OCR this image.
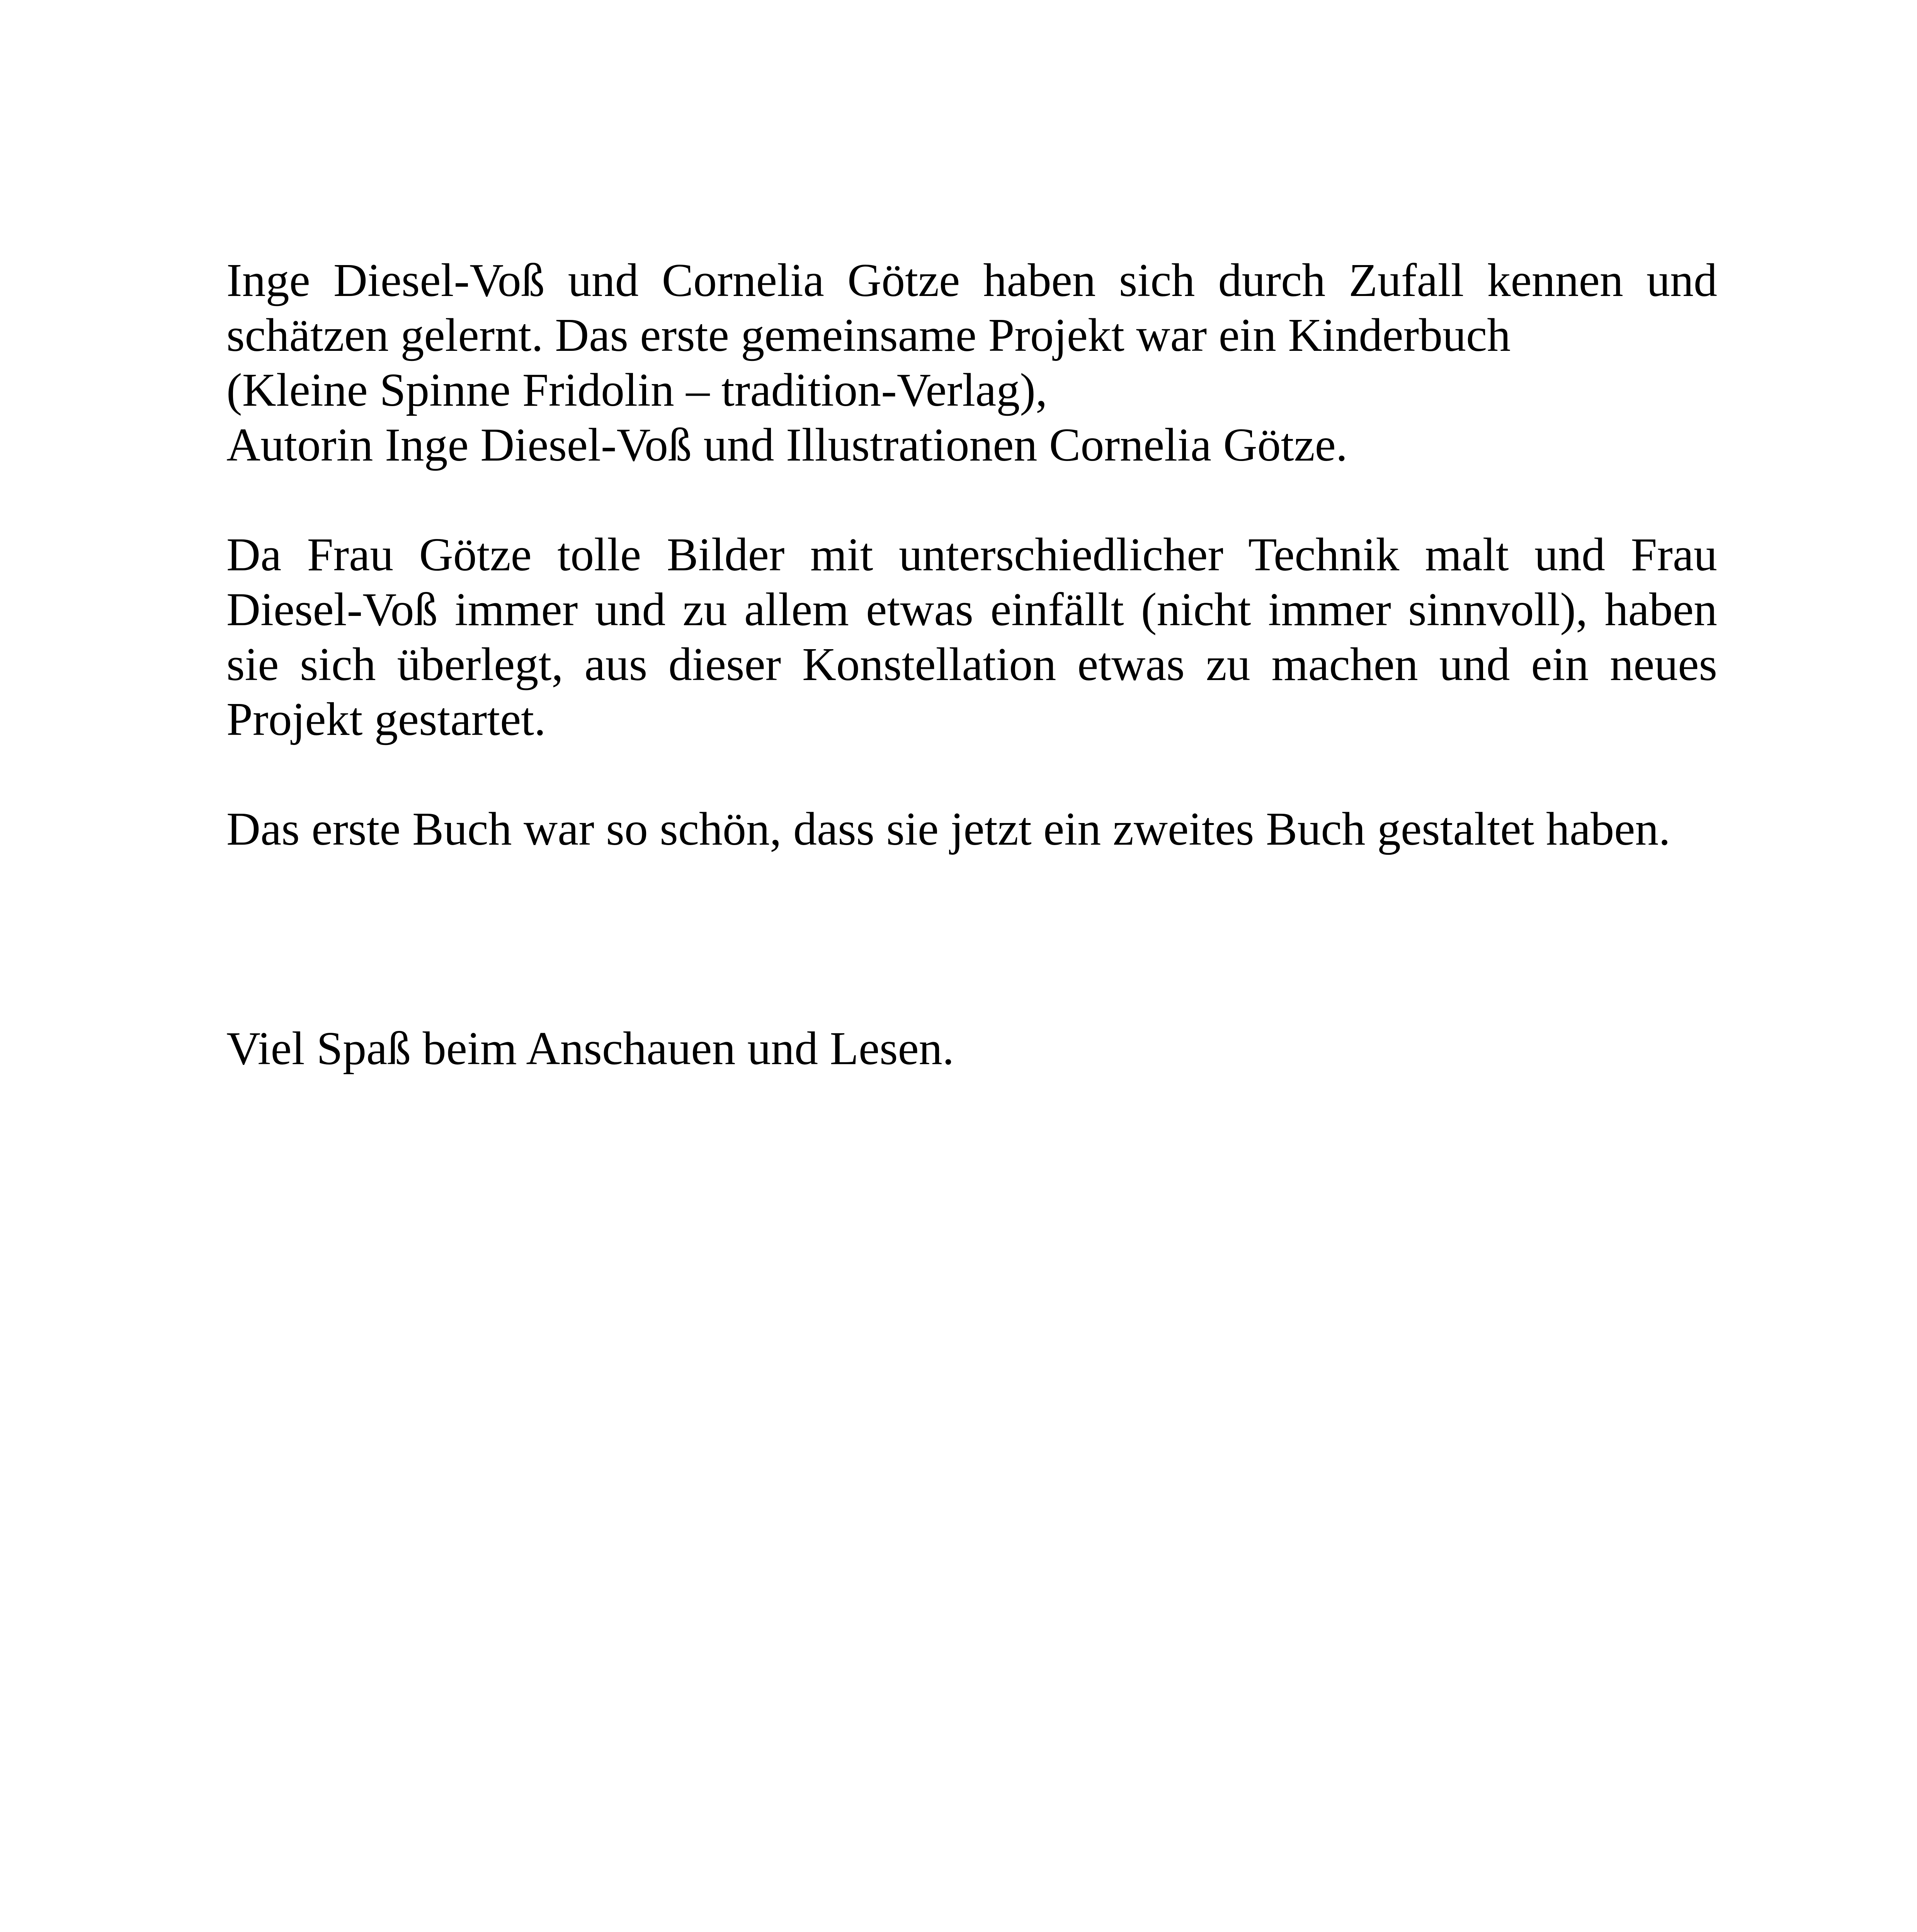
Inge Diesel-Voß und Cornelia Götze haben sich durch Zufall kennen und
schätzen gelernt. Das erste gemeinsame Projekt war ein Kinderbuch
(Kleine Spinne Fridolin – tradition-Verlag),
Autorin Inge Diesel-Voß und Illustrationen Cornelia Götze.
Da Frau Götze tolle Bilder mit unterschiedlicher Technik malt und Frau
Diesel-Voß immer und zu allem etwas einfällt (nicht immer sinnvoll), haben
sie sich überlegt, aus dieser Konstellation etwas zu machen und ein neues
Projekt gestartet.
Das erste Buch war so schön, dass sie jetzt ein zweites Buch gestaltet haben.
Viel Spaß beim Anschauen und Lesen.
